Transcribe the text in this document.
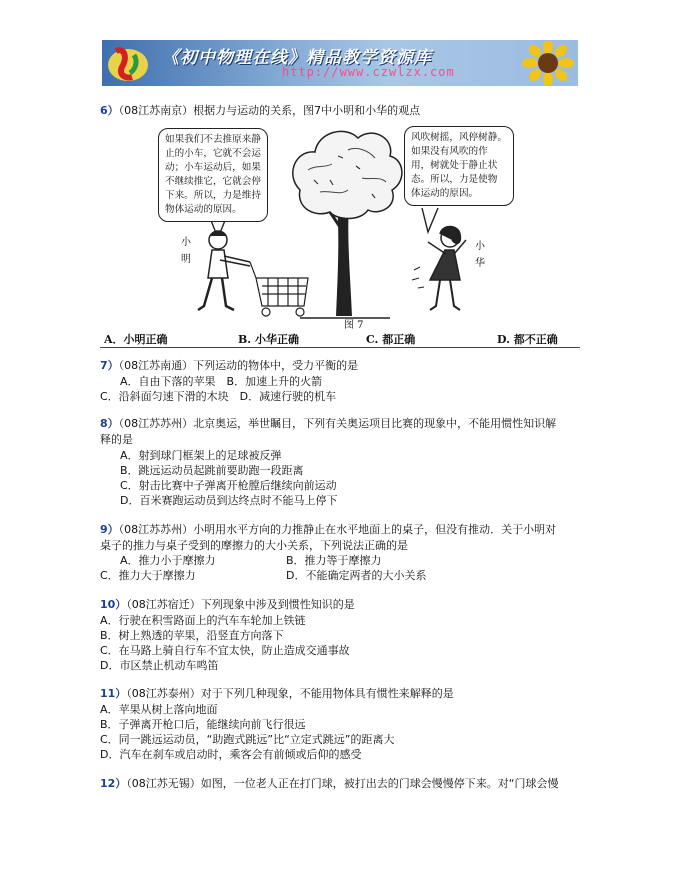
《初中物理在线》精品教学资源库
http://www.czwlzx.com
6）（08江苏南京）根据力与运动的关系，图7中小明和小华的观点
如果我们不去推原来静
止的小车，它就不会运
动；小车运动后，如果
不继续推它，它就会停
下来。所以，力是维持
物体运动的原因。
风吹树摇，风停树静。
如果没有风吹的作
用，树就处于静止状
态。所以，力是使物
体运动的原因。
小明
小华
图 7
A．小明正确	B. 小华正确	C. 都正确	D. 都不正确
7）（08江苏南通）下列运动的物体中，受力平衡的是
A．自由下落的苹果　B．加速上升的火箭
C．沿斜面匀速下滑的木块　D．减速行驶的机车
8）（08江苏苏州）北京奥运，举世瞩目，下列有关奥运项目比赛的现象中，不能用惯性知识解
释的是
A．射到球门框架上的足球被反弹
B．跳远运动员起跳前要助跑一段距离
C．射击比赛中子弹离开枪膛后继续向前运动
D．百米赛跑运动员到达终点时不能马上停下
9）（08江苏苏州）小明用水平方向的力推静止在水平地面上的桌子，但没有推动．关于小明对
桌子的推力与桌子受到的摩擦力的大小关系，下列说法正确的是
A．推力小于摩擦力	B．推力等于摩擦力
C．推力大于摩擦力	D．不能确定两者的大小关系
10）（08江苏宿迁）下列现象中涉及到惯性知识的是
A．行驶在积雪路面上的汽车车轮加上铁链
B．树上熟透的苹果，沿竖直方向落下
C．在马路上骑自行车不宜太快，防止造成交通事故
D．市区禁止机动车鸣笛
11）（08江苏泰州）对于下列几种现象，不能用物体具有惯性来解释的是
A．苹果从树上落向地面
B．子弹离开枪口后，能继续向前飞行很远
C．同一跳远运动员，“助跑式跳远”比“立定式跳远”的距离大
D．汽车在刹车或启动时，乘客会有前倾或后仰的感受
12）（08江苏无锡）如图，一位老人正在打门球，被打出去的门球会慢慢停下来。对“门球会慢
